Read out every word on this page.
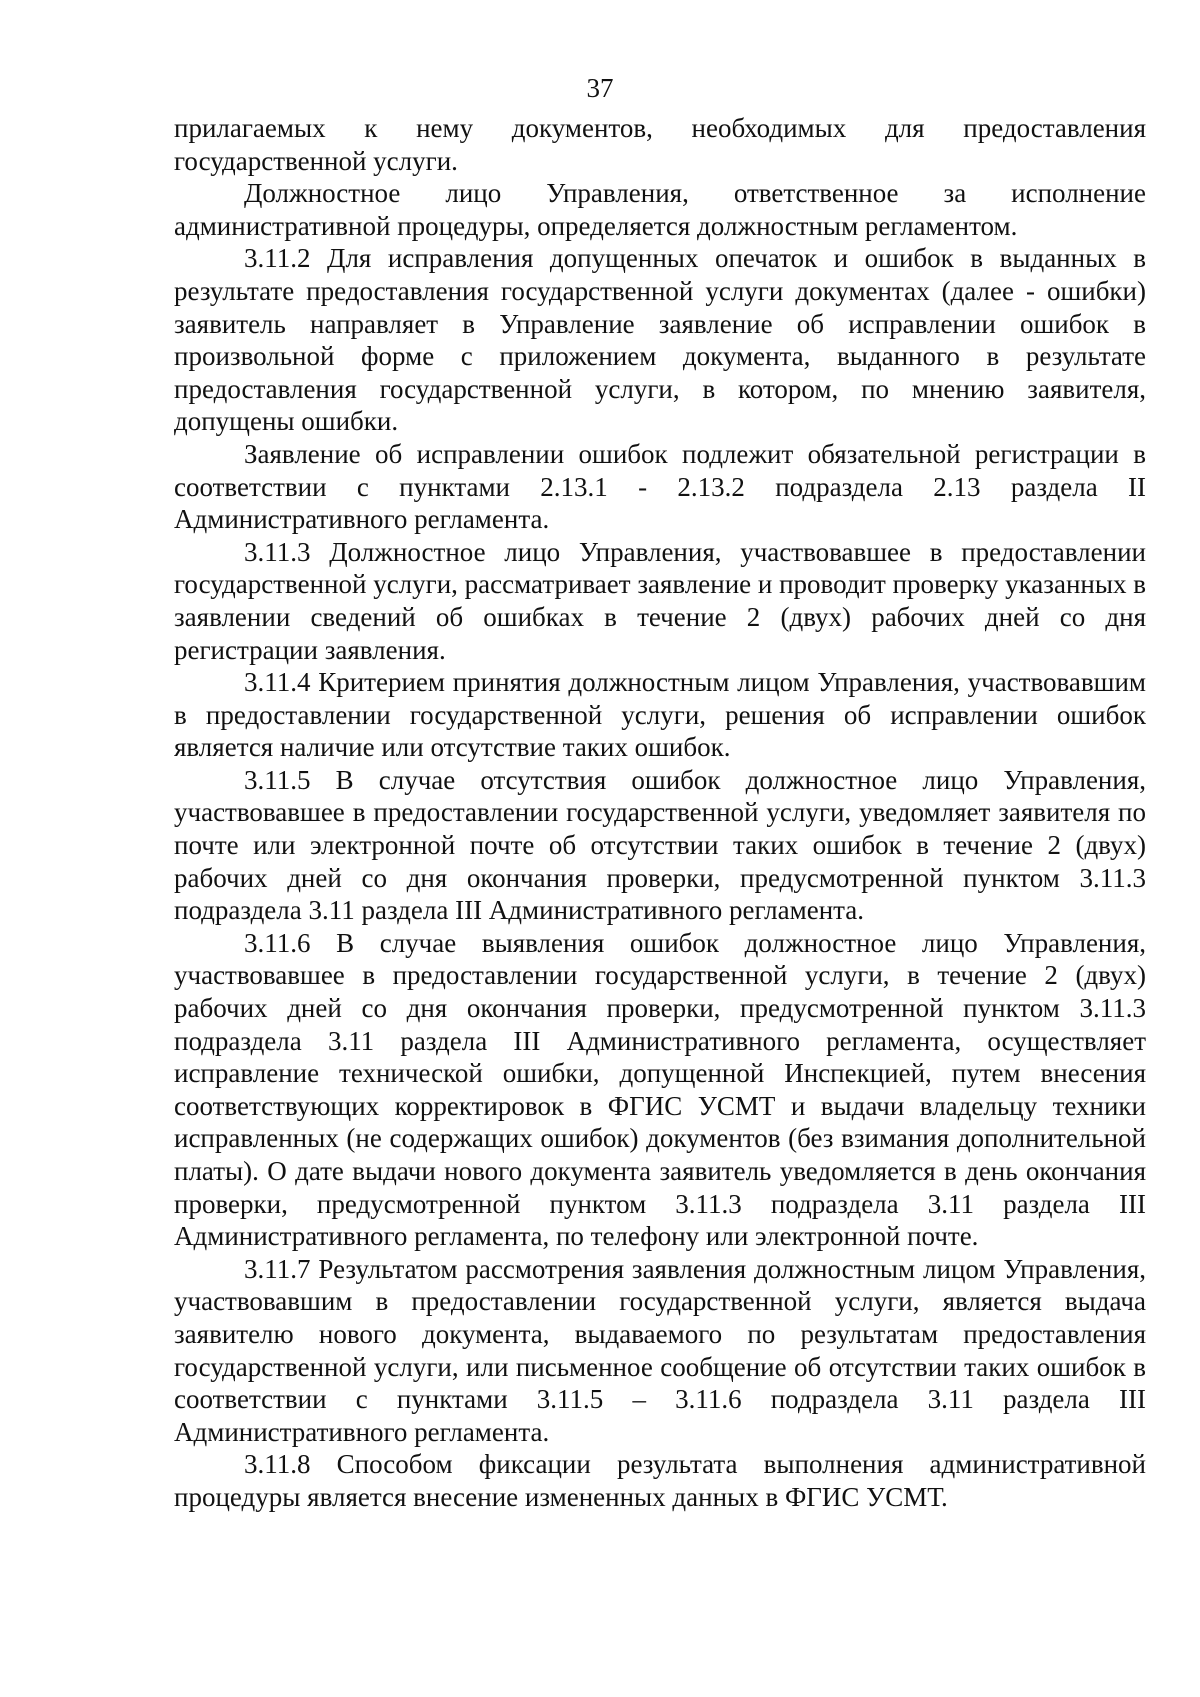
37

прилагаемых к нему документов, необходимых для предоставления государственной услуги.

Должностное лицо Управления, ответственное за исполнение административной процедуры, определяется должностным регламентом.

3.11.2 Для исправления допущенных опечаток и ошибок в выданных в результате предоставления государственной услуги документах (далее - ошибки) заявитель направляет в Управление заявление об исправлении ошибок в произвольной форме с приложением документа, выданного в результате предоставления государственной услуги, в котором, по мнению заявителя, допущены ошибки.

Заявление об исправлении ошибок подлежит обязательной регистрации в соответствии с пунктами 2.13.1 - 2.13.2 подраздела 2.13 раздела II Административного регламента.

3.11.3 Должностное лицо Управления, участвовавшее в предоставлении государственной услуги, рассматривает заявление и проводит проверку указанных в заявлении сведений об ошибках в течение 2 (двух) рабочих дней со дня регистрации заявления.

3.11.4 Критерием принятия должностным лицом Управления, участвовавшим в предоставлении государственной услуги, решения об исправлении ошибок является наличие или отсутствие таких ошибок.

3.11.5 В случае отсутствия ошибок должностное лицо Управления, участвовавшее в предоставлении государственной услуги, уведомляет заявителя по почте или электронной почте об отсутствии таких ошибок в течение 2 (двух) рабочих дней со дня окончания проверки, предусмотренной пунктом 3.11.3 подраздела 3.11 раздела III Административного регламента.

3.11.6 В случае выявления ошибок должностное лицо Управления, участвовавшее в предоставлении государственной услуги, в течение 2 (двух) рабочих дней со дня окончания проверки, предусмотренной пунктом 3.11.3 подраздела 3.11 раздела III Административного регламента, осуществляет исправление технической ошибки, допущенной Инспекцией, путем внесения соответствующих корректировок в ФГИС УСМТ и выдачи владельцу техники исправленных (не содержащих ошибок) документов (без взимания дополнительной платы). О дате выдачи нового документа заявитель уведомляется в день окончания проверки, предусмотренной пунктом 3.11.3 подраздела 3.11 раздела III Административного регламента, по телефону или электронной почте.

3.11.7 Результатом рассмотрения заявления должностным лицом Управления, участвовавшим в предоставлении государственной услуги, является выдача заявителю нового документа, выдаваемого по результатам предоставления государственной услуги, или письменное сообщение об отсутствии таких ошибок в соответствии с пунктами 3.11.5 – 3.11.6 подраздела 3.11 раздела III Административного регламента.

3.11.8 Способом фиксации результата выполнения административной процедуры является внесение измененных данных в ФГИС УСМТ.
